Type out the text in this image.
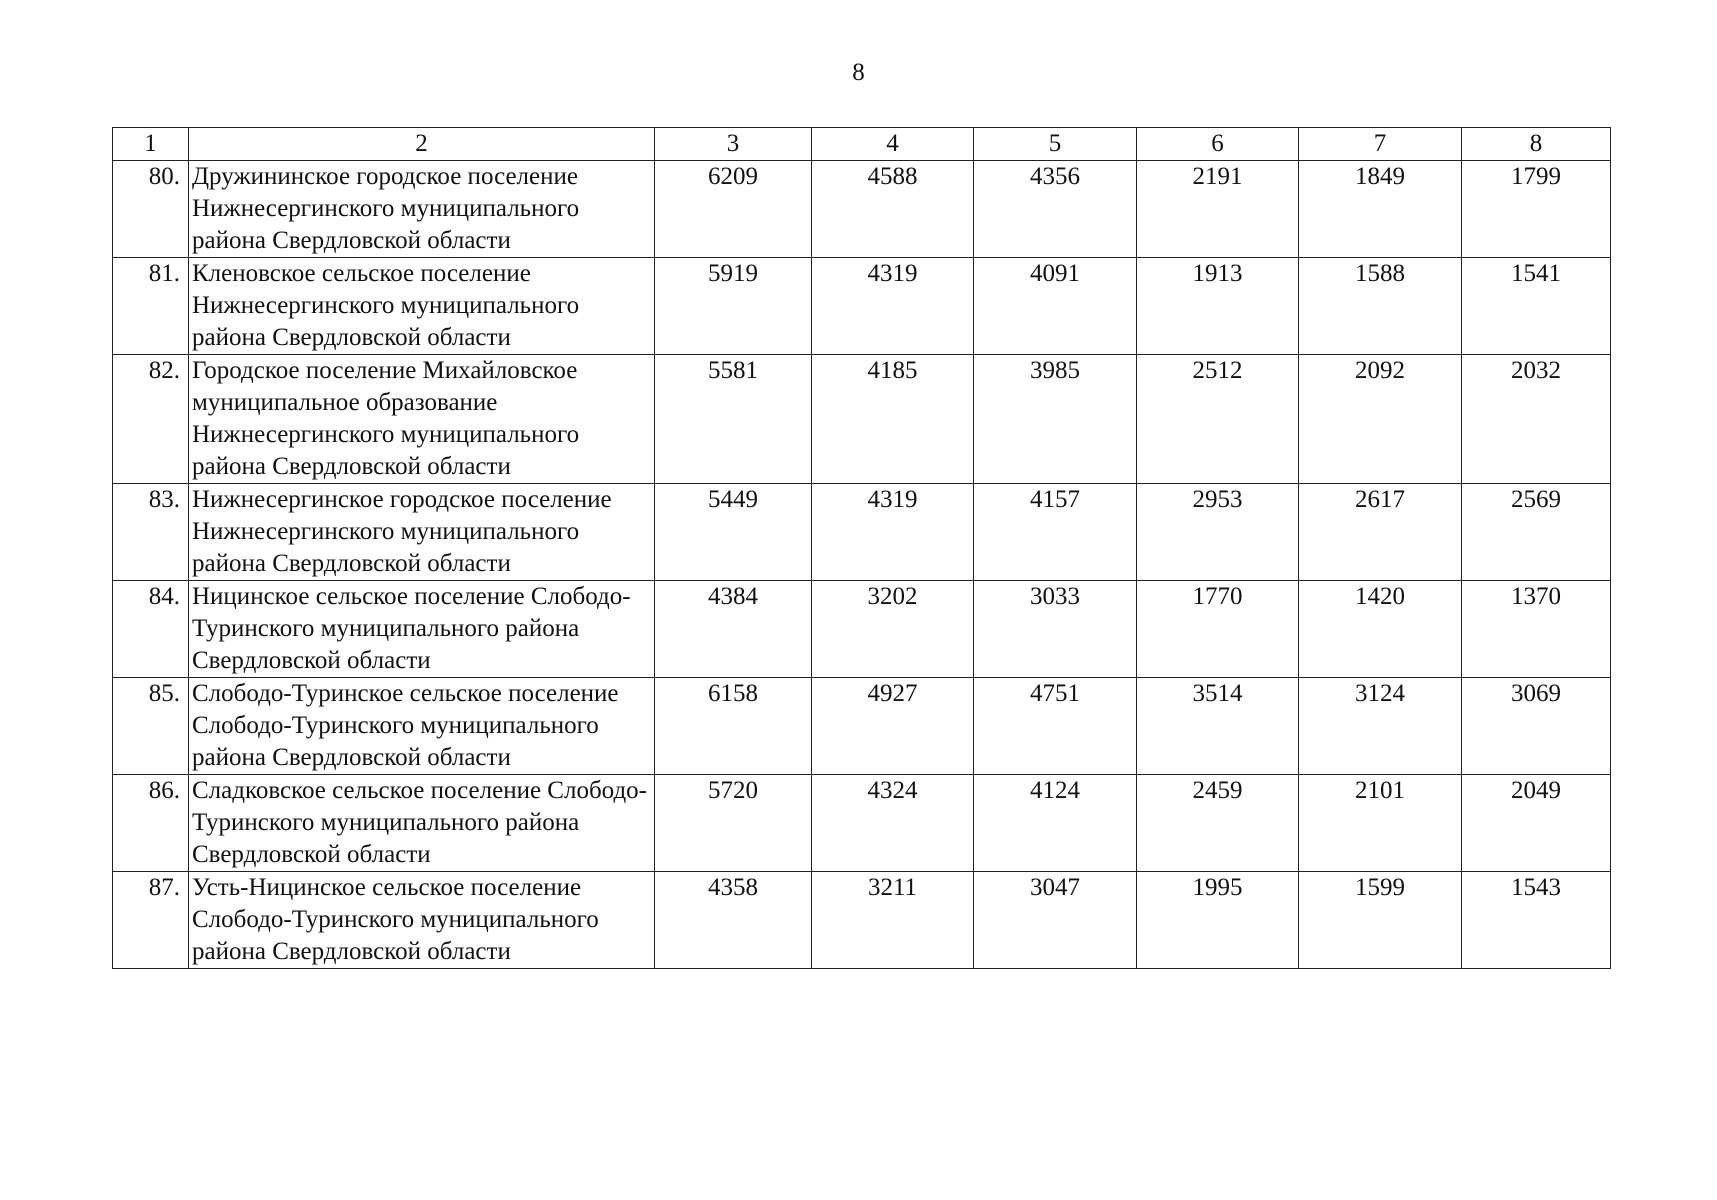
8
1	2	3	4	5	6	7	8
80.	Дружининское городское поселение Нижнесергинского муниципального района Свердловской области	6209	4588	4356	2191	1849	1799
81.	Кленовское сельское поселение Нижнесергинского муниципального района Свердловской области	5919	4319	4091	1913	1588	1541
82.	Городское поселение Михайловское муниципальное образование Нижнесергинского муниципального района Свердловской области	5581	4185	3985	2512	2092	2032
83.	Нижнесергинское городское поселение Нижнесергинского муниципального района Свердловской области	5449	4319	4157	2953	2617	2569
84.	Ницинское сельское поселение Слободо-Туринского муниципального района Свердловской области	4384	3202	3033	1770	1420	1370
85.	Слободо-Туринское сельское поселение Слободо-Туринского муниципального района Свердловской области	6158	4927	4751	3514	3124	3069
86.	Сладковское сельское поселение Слободо-Туринского муниципального района Свердловской области	5720	4324	4124	2459	2101	2049
87.	Усть-Ницинское сельское поселение Слободо-Туринского муниципального района Свердловской области	4358	3211	3047	1995	1599	1543
